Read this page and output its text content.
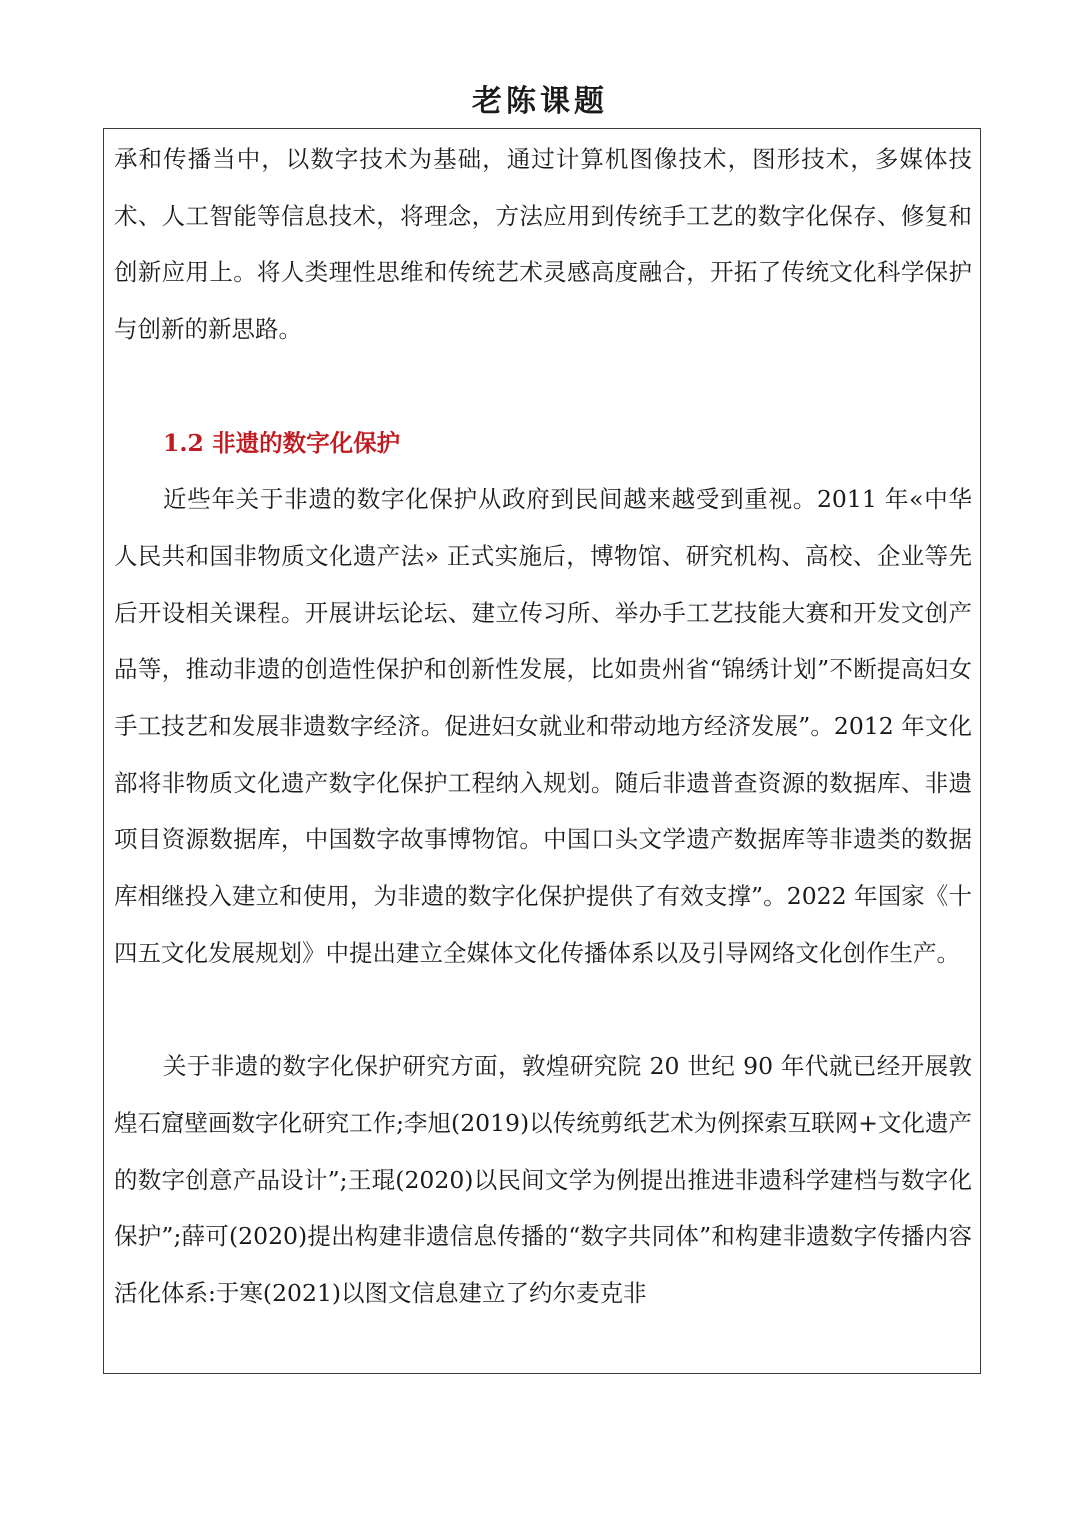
老陈课题

承和传播当中，以数字技术为基础，通过计算机图像技术，图形技术，多媒体技术、人工智能等信息技术，将理念，方法应用到传统手工艺的数字化保存、修复和创新应用上。将人类理性思维和传统艺术灵感高度融合，开拓了传统文化科学保护与创新的新思路。

1.2 非遗的数字化保护

近些年关于非遗的数字化保护从政府到民间越来越受到重视。2011 年«中华人民共和国非物质文化遗产法» 正式实施后，博物馆、研究机构、高校、企业等先后开设相关课程。开展讲坛论坛、建立传习所、举办手工艺技能大赛和开发文创产品等，推动非遗的创造性保护和创新性发展，比如贵州省“锦绣计划”不断提高妇女手工技艺和发展非遗数字经济。促进妇女就业和带动地方经济发展”。2012 年文化部将非物质文化遗产数字化保护工程纳入规划。随后非遗普查资源的数据库、非遗项目资源数据库，中国数字故事博物馆。中国口头文学遗产数据库等非遗类的数据库相继投入建立和使用，为非遗的数字化保护提供了有效支撑”。2022 年国家《十四五文化发展规划》中提出建立全媒体文化传播体系以及引导网络文化创作生产。

关于非遗的数字化保护研究方面，敦煌研究院 20 世纪 90 年代就已经开展敦煌石窟壁画数字化研究工作;李旭(2019)以传统剪纸艺术为例探索互联网+文化遗产的数字创意产品设计”;王琨(2020)以民间文学为例提出推进非遗科学建档与数字化保护”;薛可(2020)提出构建非遗信息传播的“数字共同体”和构建非遗数字传播内容活化体系:于寒(2021)以图文信息建立了约尔麦克非
